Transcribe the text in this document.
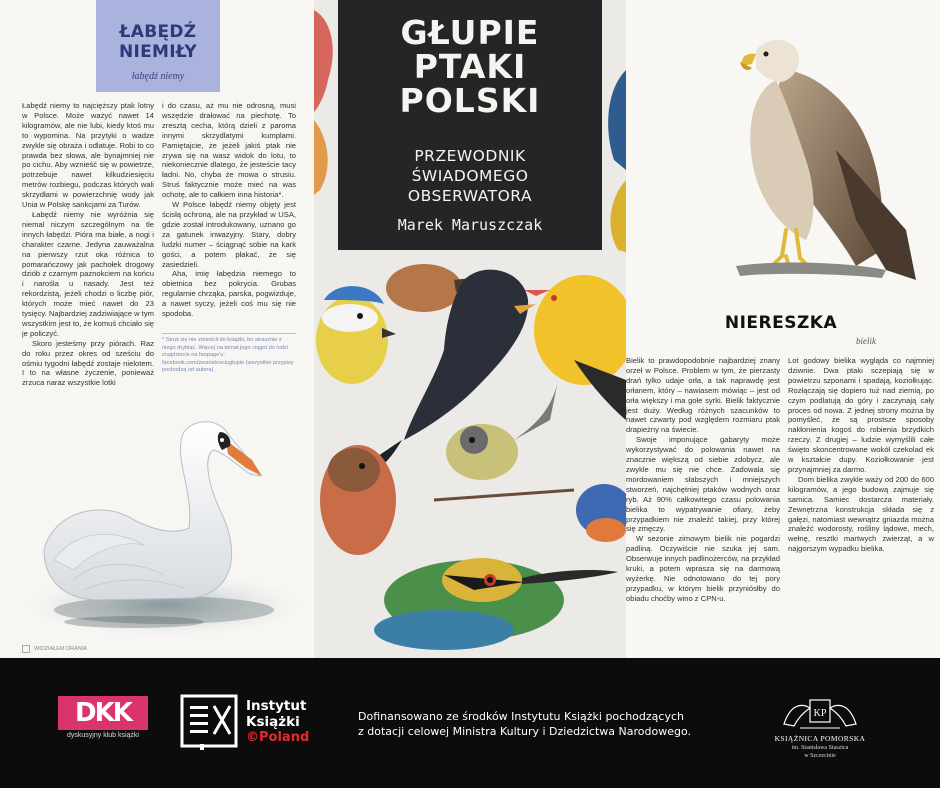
ŁABĘDŹ
NIEMIŁY
łabędź niemy

Łabędź niemy to najcięższy ptak lotny w Polsce. Może ważyć nawet 14 kilogramów, ale nie lubi, kiedy ktoś mu to wypomina. Na przytyki o wadze zwykle się obraża i odlatuje. Robi to co prawda bez słowa, ale bynajmniej nie po cichu. Aby wznieść się w powietrze, potrzebuje nawet kilkudziesięciu metrów rozbiegu, podczas których wali skrzydłami w powierzchnię wody jak Unia w Polskę sankcjami za Turów.

Łabędź niemy nie wyróżnia się niemal niczym szczególnym na tle innych łabędzi. Pióra ma białe, a nogi i charakter czarne. Jedyna zauważalna na pierwszy rzut oka różnica to pomarańczowy jak pachołek drogowy dziób z czarnym paznokciem na końcu i narośla u nasady. Jest też rekordzistą, jeżeli chodzi o liczbę piór, których może mieć nawet do 23 tysięcy. Najbardziej zadziwiające w tym wszystkim jest to, że komuś chciało się je policzyć.

Skoro jesteśmy przy piórach. Raz do roku przez okres od sześciu do ośmiu tygodni łabędź zostaje nielotem. I to na własne życzenie, ponieważ zrzuca naraz wszystkie lotki

i do czasu, aż mu nie odrosną, musi wszędzie drałować na piechotę. To zresztą cecha, którą dzieli z paroma innymi skrzydlatymi kumplami. Pamiętajcie, że jeżeli jakiś ptak nie zrywa się na wasz widok do lotu, to niekoniecznie dlatego, że jesteście tacy ładni. No, chyba że mowa o strusiu. Struś faktycznie może mieć na was ochotę, ale to całkiem inna historia*.

W Polsce łabędź niemy objęty jest ścisłą ochroną, ale na przykład w USA, gdzie został introdukowany, uznano go za gatunek inwazyjny. Stary, dobry ludzki numer – ściągnąć sobie na kark gości, a potem płakać, że się zasiedzieli.

Aha, imię łabędzia niemego to obietnica bez pokrycia. Grubas regularnie chrząka, parska, pogwizduje, a nawet syczy, jeżeli coś mu się nie spodoba.

* Struś się nie zmieścił do książki, bo strasznie z niego drybląc. Więcej na temat jego ciągot do ludzi znajdziecie na fanpage'u: facebook.com/zwariatesciugłupie (wszystkie przypisy pochodzą od autora).
WIDZIAŁEM DRANIA
GŁUPIE
PTAKI
POLSKI
PRZEWODNIK
ŚWIADOMEGO
OBSERWATORA
Marek Maruszczak
NIERESZKA
bielik

Bielik to prawdopodobnie najbardziej znany orzeł w Polsce. Problem w tym, że pierzasty drań tylko udaje orła, a tak naprawdę jest orłanem, który – nawiasem mówiąc – jest od orła większy i ma gołe syrki. Bielik faktycznie jest duży. Według różnych szacunków to nawet czwarty pod względem rozmiaru ptak drapieżny na świecie.

Swoje imponujące gabaryty może wykorzystywać do polowania nawet na znacznie większą od siebie zdobycz, ale zwykle mu się nie chce. Zadowala się mordowaniem słabszych i mniejszych stworzeń, najchętniej ptaków wodnych oraz ryb. Aż 90% całkowitego czasu polowania bielika to wypatrywanie ofiary, żeby przypadkiem nie znaleźć takiej, przy której się zmęczy.

W sezonie zimowym bielik nie pogardzi padliną. Oczywiście nie szuka jej sam. Obserwuje innych padlinożerców, na przykład kruki, a potem wprasza się na darmową wyżerkę. Nie odnotowano do tej pory przypadku, w którym bielik przyniósłby do obiadu choćby wino z CPN-u.

Lot godowy bielika wygląda co najmniej dziwnie. Dwa ptaki sczepiają się w powietrzu szponami i spadają, koziołkując. Rozłączają się dopiero tuż nad ziemią, po czym podlatują do góry i zaczynają cały proces od nowa. Z jednej strony można by pomyśleć, że są prostsze sposoby nakłonienia kogoś do robienia brzydkich rzeczy. Z drugiej – ludzie wymyślili całe święto skoncentrowane wokół czekolad ek w kształcie dupy. Koziołkowanie jest przynajmniej za darmo.

Dom bielika zwykle waży od 200 do 600 kilogramów, a jego budową zajmuje się samica. Samiec dostarcza materiały. Zewnętrzna konstrukcja składa się z gałęzi, natomiast wewnątrz gniazda można znaleźć wodorosty, rośliny lądowe, mech, wełnę, resztki martwych zwierząt, a w najgorszym wypadku bielika.

DKK
dyskusyjny klub książki
Instytut
Książki
©Poland
Dofinansowano ze środków Instytutu Książki pochodzących
z dotacji celowej Ministra Kultury i Dziedzictwa Narodowego.
KP
KSIĄŻNICA POMORSKA
im. Stanisława Staszica
w Szczecinie
